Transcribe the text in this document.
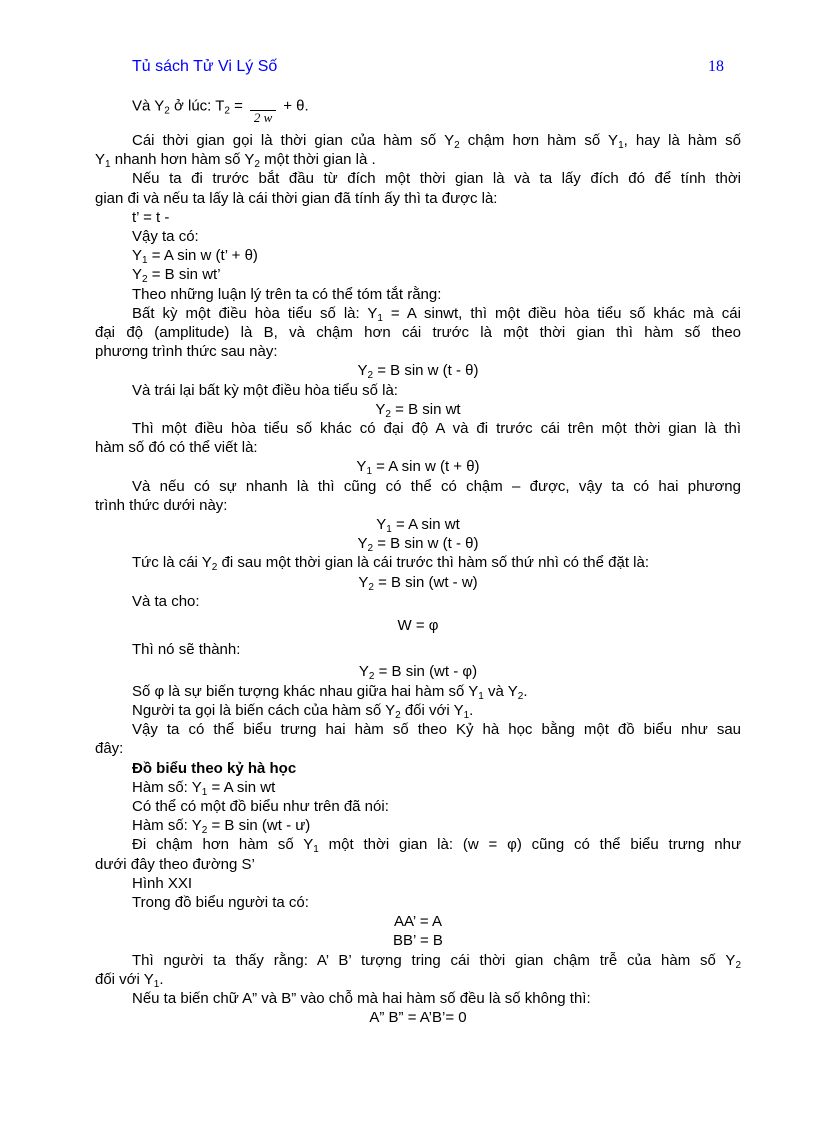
Tủ sách Tử Vi Lý Số	18

Và $Y_2$ ở lúc: $T_2$ =
2 w
+ θ.

Cái thời gian gọi là thời gian của hàm số $Y_2$ chậm hơn hàm số $Y_1$, hay là hàm số

$Y_1$ nhanh hơn hàm số $Y_2$ một thời gian là .

Nếu ta đi trước bắt đầu từ đích một thời gian là và ta lấy đích đó để tính thời

gian đi và nếu ta lấy là cái thời gian đã tính ấy thì ta được là:

t’ = t -

Vậy ta có:

$Y_1 = A$ sin w (t’ + θ)

$Y_2 = B$ sin wt’

Theo những luận lý trên ta có thể tóm tắt rằng:

Bất kỳ một điều hòa tiểu số là: $Y_1 = A$ sinwt, thì một điều hòa tiểu số khác mà cái

đại độ (amplitude) là B, và chậm hơn cái trước là một thời gian thì hàm số theo

phương trình thức sau này:

$Y_2 = B$ sin w (t - θ)

Và trái lại bất kỳ một điều hòa tiểu số là:

$Y_2 = B$ sin wt

Thì một điều hòa tiểu số khác có đại độ A và đi trước cái trên một thời gian là thì

hàm số đó có thể viết là:

$Y_1 = A$ sin w (t + θ)

Và nếu có sự nhanh là thì cũng có thể có chậm – được, vậy ta có hai phương

trình thức dưới này:

$Y_1 = A$ sin wt

$Y_2 = B$ sin w (t - θ)

Tức là cái $Y_2$ đi sau một thời gian là cái trước thì hàm số thứ nhì có thể đặt là:

$Y_2 = B$ sin (wt - w)

Và ta cho:

W = φ

Thì nó sẽ thành:

$Y_2 = B$ sin (wt - φ)

Số φ là sự biến tượng khác nhau giữa hai hàm số $Y_1$ và $Y_2$.

Người ta gọi là biến cách của hàm số $Y_2$ đối với $Y_1$.

Vậy ta có thể biểu trưng hai hàm số theo Kỷ hà học bằng một đồ biểu như sau

đây:

Đồ biểu theo kỷ hà học

Hàm số: $Y_1 = A$ sin wt

Có thể có một đồ biểu như trên đã nói:

Hàm số: $Y_2 = B$ sin (wt - ư)

Đi chậm hơn hàm số $Y_1$ một thời gian là: (w = φ) cũng có thể biểu trưng như

dưới đây theo đường S’

Hình XXI

Trong đồ biểu người ta có:

AA’ = A

BB’ = B

Thì người ta thấy rằng: A’ B’ tượng tring cái thời gian chậm trễ của hàm số $Y_2$

đối với $Y_1$.

Nếu ta biến chữ A” và B” vào chỗ mà hai hàm số đều là số không thì:

A” B” = A’B’= 0
